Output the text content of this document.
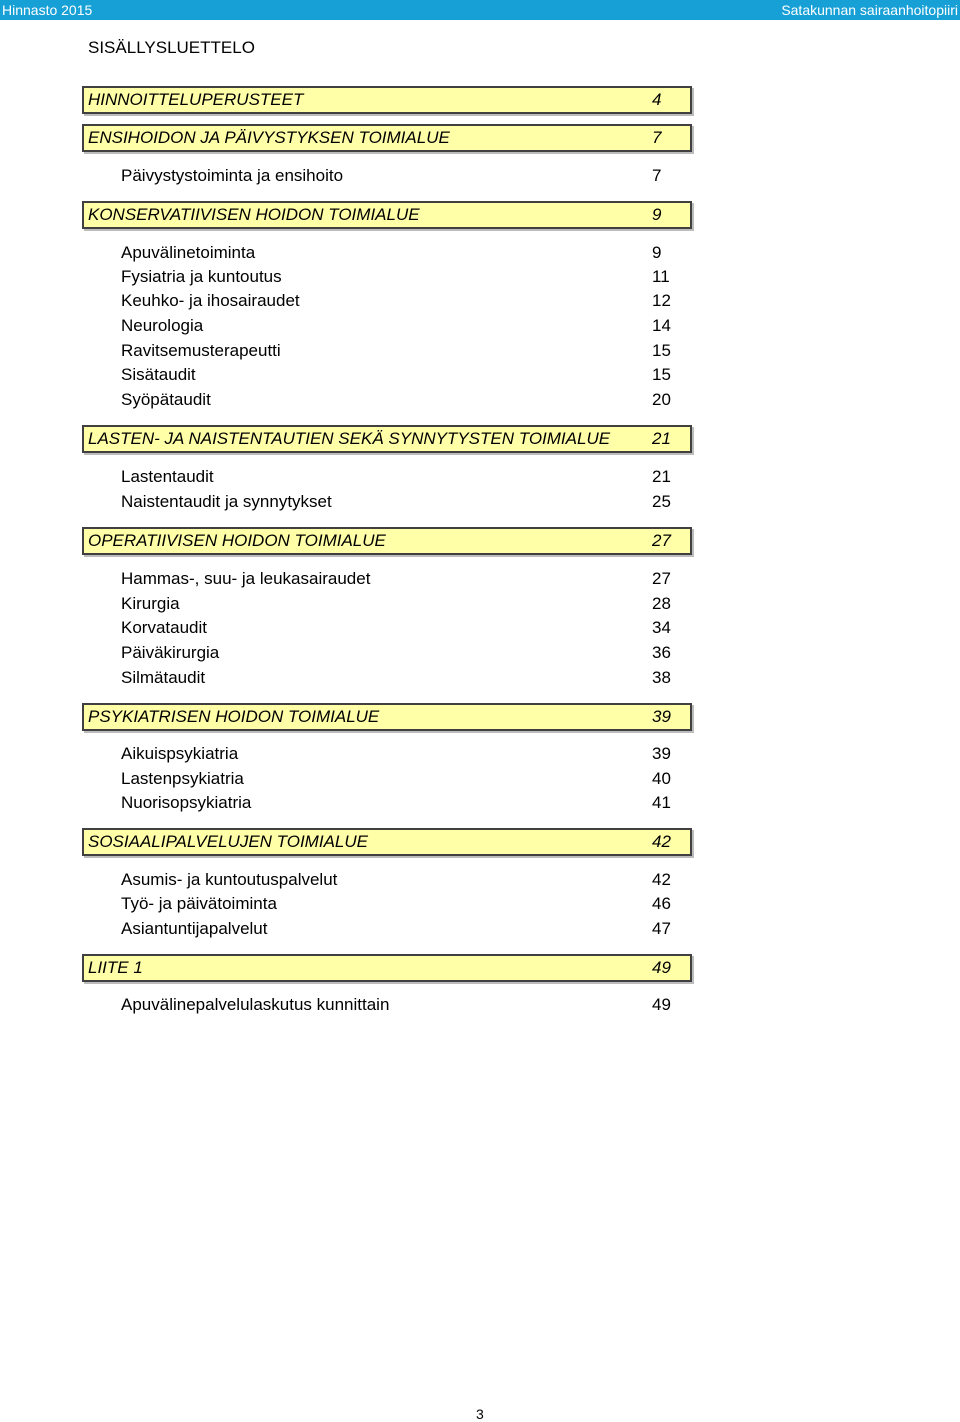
Hinnasto 2015	Satakunnan sairaanhoitopiiri
SISÄLLYSLUETTELO
HINNOITTELUPERUSTEET	4
ENSIHOIDON JA PÄIVYSTYKSEN TOIMIALUE	7
Päivystystoiminta ja ensihoito	7
KONSERVATIIVISEN HOIDON TOIMIALUE	9
Apuvälinetoiminta	9
Fysiatria ja kuntoutus	11
Keuhko- ja ihosairaudet	12
Neurologia	14
Ravitsemusterapeutti	15
Sisätaudit	15
Syöpätaudit	20
LASTEN- JA NAISTENTAUTIEN SEKÄ SYNNYTYSTEN TOIMIALUE 21
Lastentaudit	21
Naistentaudit ja synnytykset	25
OPERATIIVISEN HOIDON TOIMIALUE	27
Hammas-, suu- ja leukasairaudet	27
Kirurgia	28
Korvataudit	34
Päiväkirurgia	36
Silmätaudit	38
PSYKIATRISEN HOIDON TOIMIALUE	39
Aikuispsykiatria	39
Lastenpsykiatria	40
Nuorisopsykiatria	41
SOSIAALIPALVELUJEN TOIMIALUE	42
Asumis- ja kuntoutuspalvelut	42
Työ- ja päivätoiminta	46
Asiantuntijapalvelut	47
LIITE 1	49
Apuvälinepalvelulaskutus kunnittain	49
3
